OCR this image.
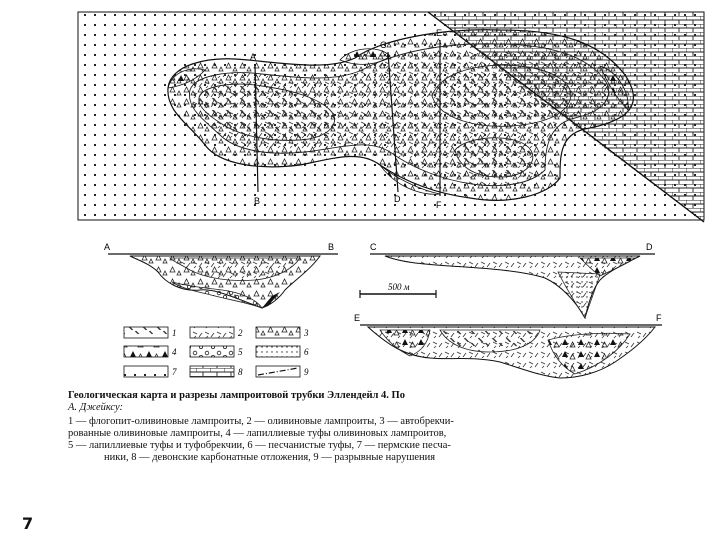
A
B
C
D
E
F
A	B	C	D
500 м
E	F
1	2	3
4	5	6
7	8	9
Геологическая карта и разрезы лампроитовой трубки Эллендейл 4. По
А. Джейксу:
1 — флогопит-оливиновые лампроиты, 2 — оливиновые лампроиты, 3 — автобрекчи-
рованные оливиновые лампроиты, 4 — лапиллиевые туфы оливиновых лампроитов,
5 — лапиллиевые туфы и туфобрекчии, 6 — песчанистые туфы, 7 — пермские песча-
ники, 8 — девонские карбонатные отложения, 9 — разрывные нарушения
7
